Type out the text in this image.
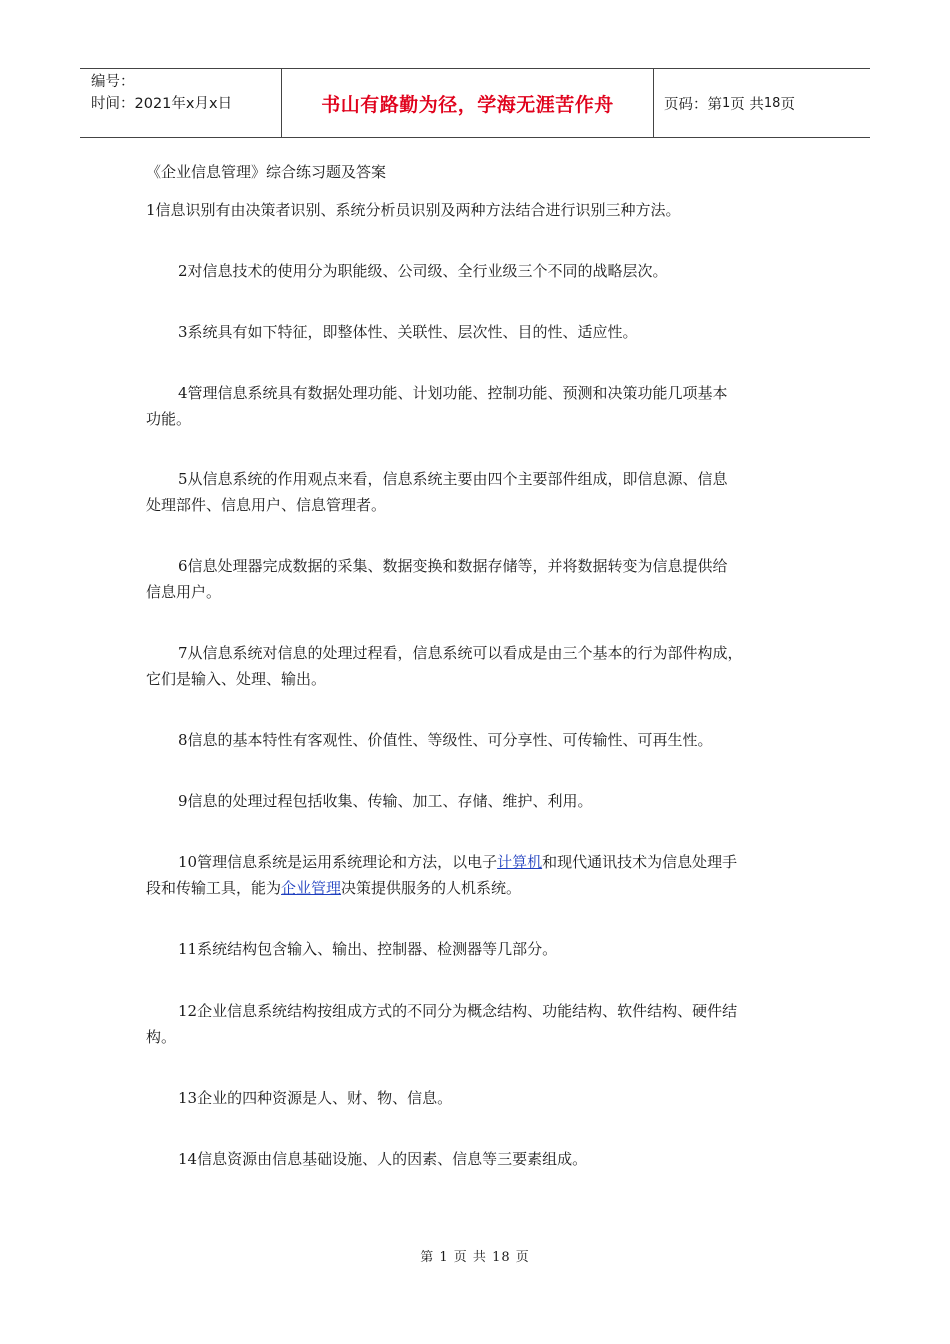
编号：
时间：2021年x月x日	书山有路勤为径，学海无涯苦作舟	页码：第 1 页 共 18 页
《企业信息管理》综合练习题及答案
1信息识别有由决策者识别、系统分析员识别及两种方法结合进行识别三种方法。
2对信息技术的使用分为职能级、公司级、全行业级三个不同的战略层次。
3系统具有如下特征，即整体性、关联性、层次性、目的性、适应性。
4管理信息系统具有数据处理功能、计划功能、控制功能、预测和决策功能几项基本
功能。
5从信息系统的作用观点来看，信息系统主要由四个主要部件组成，即信息源、信息
处理部件、信息用户、信息管理者。
6信息处理器完成数据的采集、数据变换和数据存储等，并将数据转变为信息提供给
信息用户。
7从信息系统对信息的处理过程看，信息系统可以看成是由三个基本的行为部件构成，
它们是输入、处理、输出。
8信息的基本特性有客观性、价值性、等级性、可分享性、可传输性、可再生性。
9信息的处理过程包括收集、传输、加工、存储、维护、利用。
10管理信息系统是运用系统理论和方法，以电子计算机和现代通讯技术为信息处理手
段和传输工具，能为企业管理决策提供服务的人机系统。
11系统结构包含输入、输出、控制器、检测器等几部分。
12企业信息系统结构按组成方式的不同分为概念结构、功能结构、软件结构、硬件结
构。
13企业的四种资源是人、财、物、信息。
14信息资源由信息基础设施、人的因素、信息等三要素组成。
第 1 页 共 18 页
